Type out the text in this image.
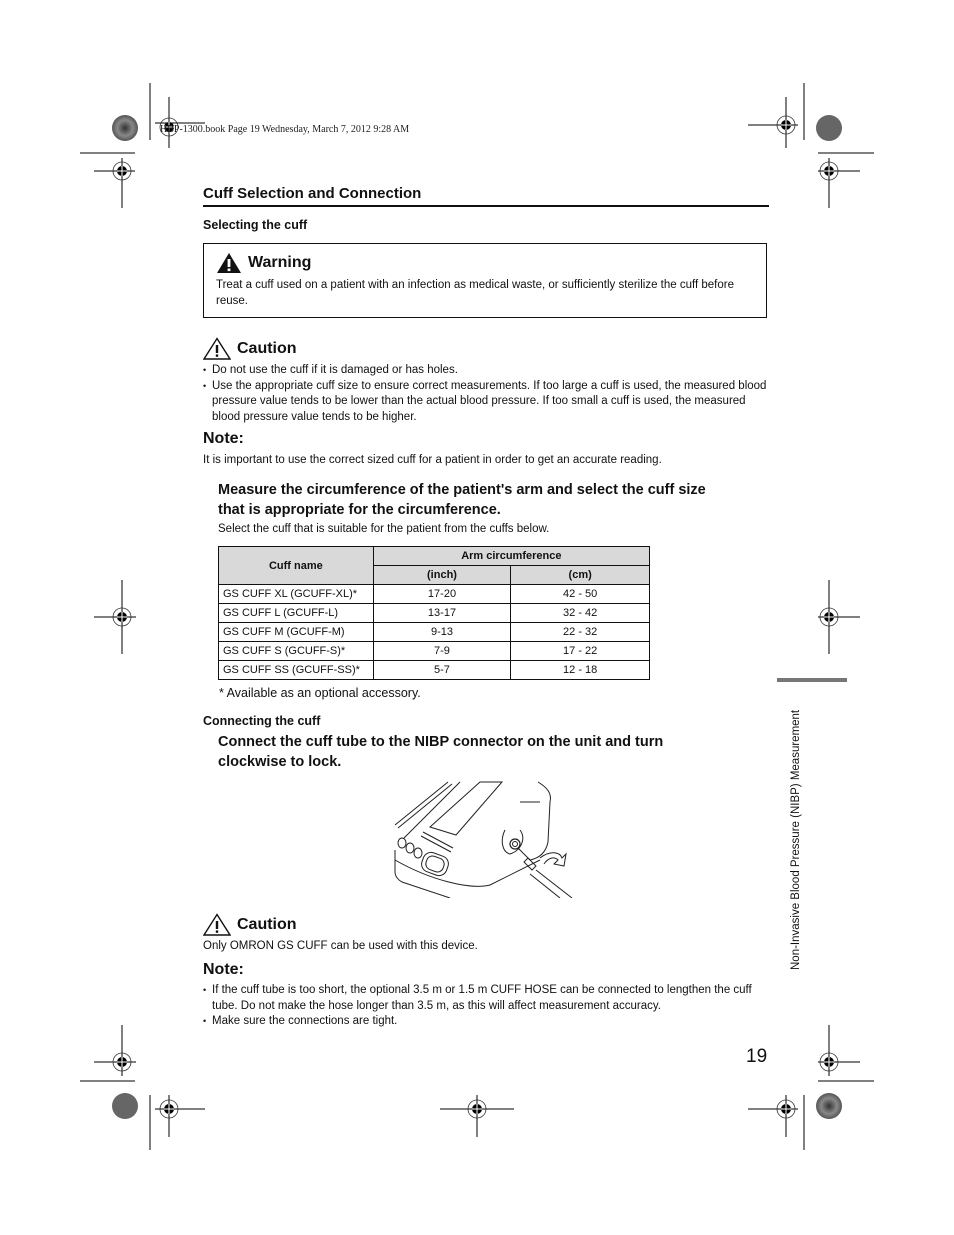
HBP-1300.book Page 19 Wednesday, March 7, 2012 9:28 AM
Cuff Selection and Connection
Selecting the cuff
Warning
Treat a cuff used on a patient with an infection as medical waste, or sufficiently sterilize the cuff before reuse.
Caution
• Do not use the cuff if it is damaged or has holes.
• Use the appropriate cuff size to ensure correct measurements. If too large a cuff is used, the measured blood pressure value tends to be lower than the actual blood pressure. If too small a cuff is used, the measured blood pressure value tends to be higher.
Note:
It is important to use the correct sized cuff for a patient in order to get an accurate reading.
Measure the circumference of the patient's arm and select the cuff size
that is appropriate for the circumference.
Select the cuff that is suitable for the patient from the cuffs below.
Cuff name	Arm circumference	
	(inch)	(cm)
GS CUFF XL (GCUFF-XL)*	17-20	42 - 50
GS CUFF L (GCUFF-L)	13-17	32 - 42
GS CUFF M (GCUFF-M)	9-13	22 - 32
GS CUFF S (GCUFF-S)*	7-9	17 - 22
GS CUFF SS (GCUFF-SS)*	5-7	12 - 18
* Available as an optional accessory.
Connecting the cuff
Connect the cuff tube to the NIBP connector on the unit and turn
clockwise to lock.
Caution
Only OMRON GS CUFF can be used with this device.
Note:
• If the cuff tube is too short, the optional 3.5 m or 1.5 m CUFF HOSE can be connected to lengthen the cuff tube. Do not make the hose longer than 3.5 m, as this will affect measurement accuracy.
• Make sure the connections are tight.
Non-Invasive Blood Pressure (NIBP) Measurement
19
